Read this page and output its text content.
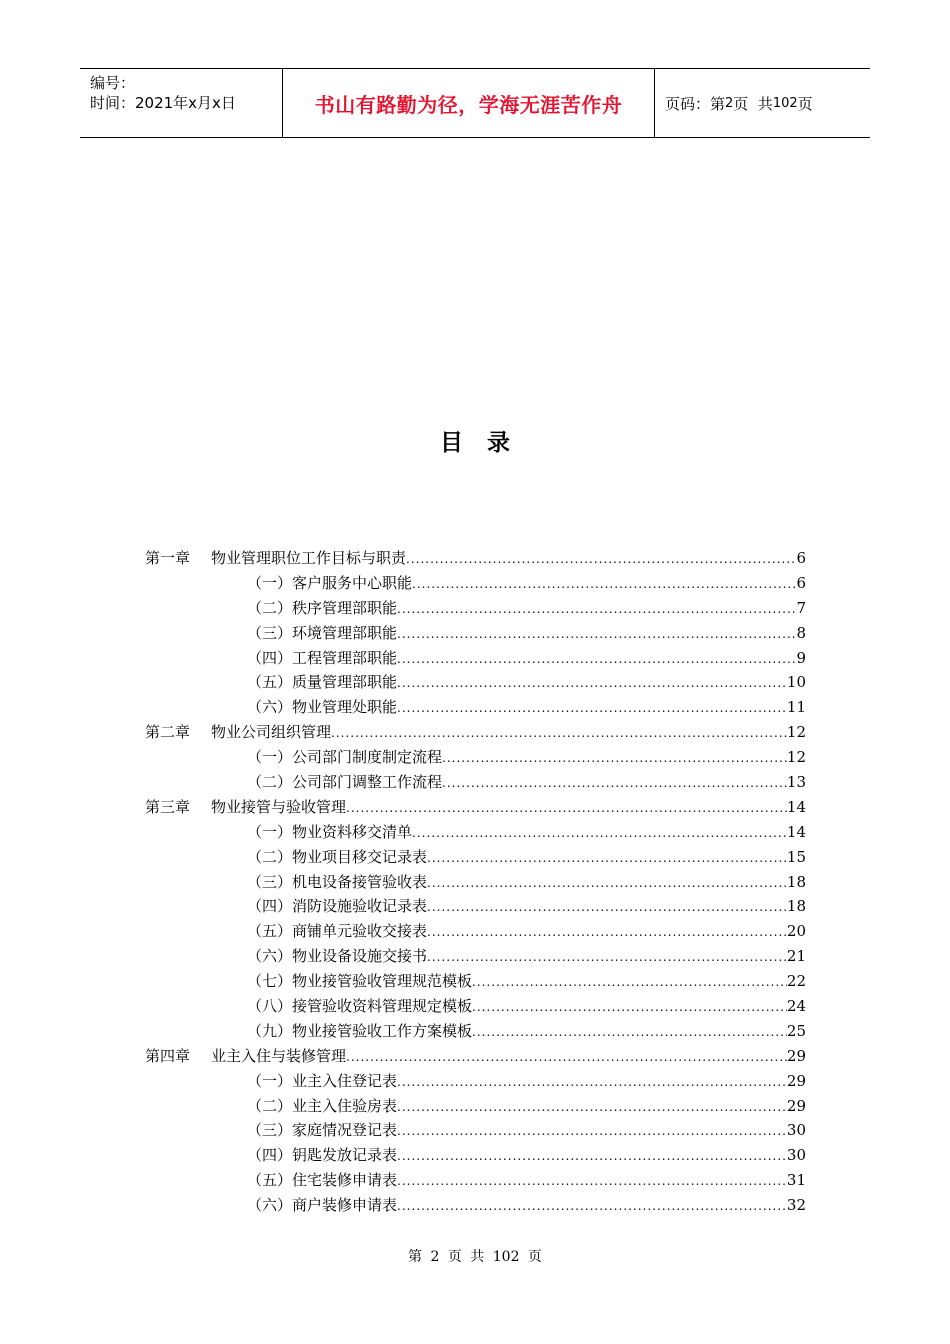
编号：
时间：2021年x月x日	书山有路勤为径，学海无涯苦作舟	页码：第 2 页  共 102 页
目录
第一章 物业管理职位工作目标与职责 .....	6
（一）客户服务中心职能 .....	6
（二）秩序管理部职能 .....	7
（三）环境管理部职能 .....	8
（四）工程管理部职能 .....	9
（五）质量管理部职能 .....	10
（六）物业管理处职能 .....	11
第二章 物业公司组织管理 .....	12
（一）公司部门制度制定流程 .....	12
（二）公司部门调整工作流程 .....	13
第三章 物业接管与验收管理 .....	14
（一）物业资料移交清单 .....	14
（二）物业项目移交记录表 .....	15
（三）机电设备接管验收表 .....	18
（四）消防设施验收记录表 .....	18
（五）商铺单元验收交接表 .....	20
（六）物业设备设施交接书 .....	21
（七）物业接管验收管理规范模板 .....	22
（八）接管验收资料管理规定模板 .....	24
（九）物业接管验收工作方案模板 .....	25
第四章 业主入住与装修管理 .....	29
（一）业主入住登记表 .....	29
（二）业主入住验房表 .....	29
（三）家庭情况登记表 .....	30
（四）钥匙发放记录表 .....	30
（五）住宅装修申请表 .....	31
（六）商户装修申请表 .....	32
第 2 页 共 102 页
